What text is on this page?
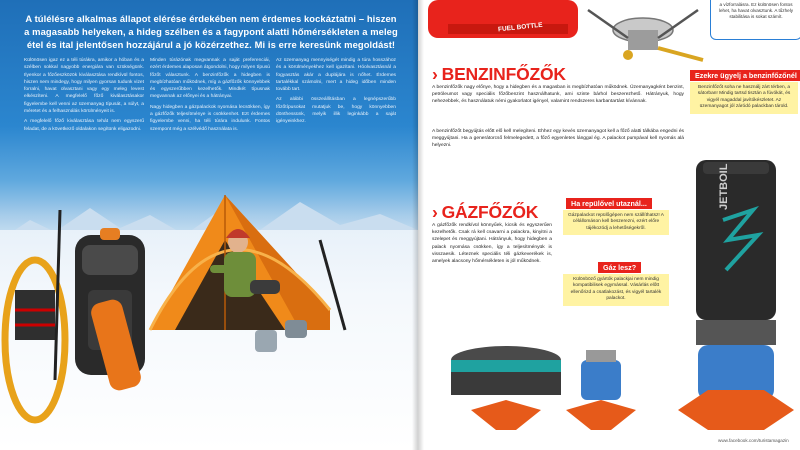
A túlélésre alkalmas állapot elérése érdekében nem érdemes kockáztatni – hiszen a magasabb helyeken, a hideg szélben és a fagypont alatti hőmérsékleten a meleg étel és ital jelentősen hozzájárul a jó közérzethez. Mi is erre keresünk megoldást!

Különösen igaz ez a téli túrákra, amikor a hóban és a szélben sokkal nagyobb energiára van szükségünk. Ilyenkor a főzőeszközök kiválasztása rendkívül fontos, hiszen nem mindegy, hogy milyen gyorsan tudunk vizet forralni, havat olvasztani vagy egy meleg levest elkészíteni. A megfelelő főző kiválasztásakor figyelembe kell venni az üzemanyag típusát, a súlyt, a méretet és a felhasználás körülményeit is.

A megfelelő főző kiválasztása tehát nem egyszerű feladat, de a következő oldalakon segítünk eligazodni.

Minden túrázónak megvannak a saját preferenciái, ezért érdemes alaposan átgondolni, hogy milyen típusú főzőt választunk. A benzinfőzők a hidegben is megbízhatóan működnek, míg a gázfőzők könnyebbek és egyszerűbben kezelhetők. Mindkét típusnak megvannak az előnyei és a hátrányai.

Nagy hidegben a gázpalackok nyomása lecsökken, így a gázfőzők teljesítménye is csökkenhet. Ezt érdemes figyelembe venni, ha téli túrára indulunk. Fontos szempont még a szélvédő használata is.

Az üzemanyag mennyiségét mindig a túra hosszához és a körülményekhez kell igazítani. Hóolvasztásnál a fogyasztás akár a duplájára is nőhet. Érdemes tartalékkal számolni, mert a hideg időben minden tovább tart.

Az alábbi összeállításban a legnépszerűbb főzőtípusokat mutatjuk be, hogy könnyebben dönthessünk, melyik illik leginkább a saját igényeinkhez.

FUEL BOTTLE
a vízforralásra. Ez különösen fontos lehet, ha havat olvasztunk. A tűzhely stabilitása is sokat számít.
› BENZINFŐZŐK
A benzinfőzők nagy előnye, hogy a hidegben és a magasban is megbízhatóan működnek. Üzemanyagként benzint, petróleumot vagy speciális főzőbenzint használhatunk, ami szinte bárhol beszerezhető. Hátrányuk, hogy nehezebbek, és használatuk némi gyakorlatot igényel, valamint rendszeres karbantartást kívánnak.
A benzinfőzőt begyújtás előtt elő kell melegíteni. Ehhez egy kevés üzemanyagot kell a főző alatti tálkába engedni és meggyújtani. Ha a generátorcső felmelegedett, a főző egyenletes lánggal ég. A palackot pumpával kell nyomás alá helyezni.
Ezekre ügyelj a benzinfőzőnél
Benzinfőzőt soha ne használj zárt térben, a sátorban! Mindig tartsd tisztán a fúvókát, és vigyél magaddal javítókészletet. Az üzemanyagot jól záródó palackban tárold.
› GÁZFŐZŐK
A gázfőzők rendkívül könnyűek, kicsik és egyszerűen kezelhetők. Csak rá kell csavarni a palackra, kinyitni a szelepet és meggyújtani. Hátrányuk, hogy hidegben a palack nyomása csökken, így a teljesítményük is visszaesik. Léteznek speciális téli gázkeverékek is, amelyek alacsony hőmérsékleten is jól működnek.
Ha repülővel utaznál...
Gázpalackot repülőgépen nem szállíthatsz! A célállomáson kell beszerezni, ezért előre tájékozódj a lehetőségekről.
Gáz lesz?
Különböző gyártók palackjai nem mindig kompatibilisek egymással. Vásárlás előtt ellenőrizd a csatlakozást, és vigyél tartalék palackot.
JETBOIL
www.facebook.com/turistamagazin
